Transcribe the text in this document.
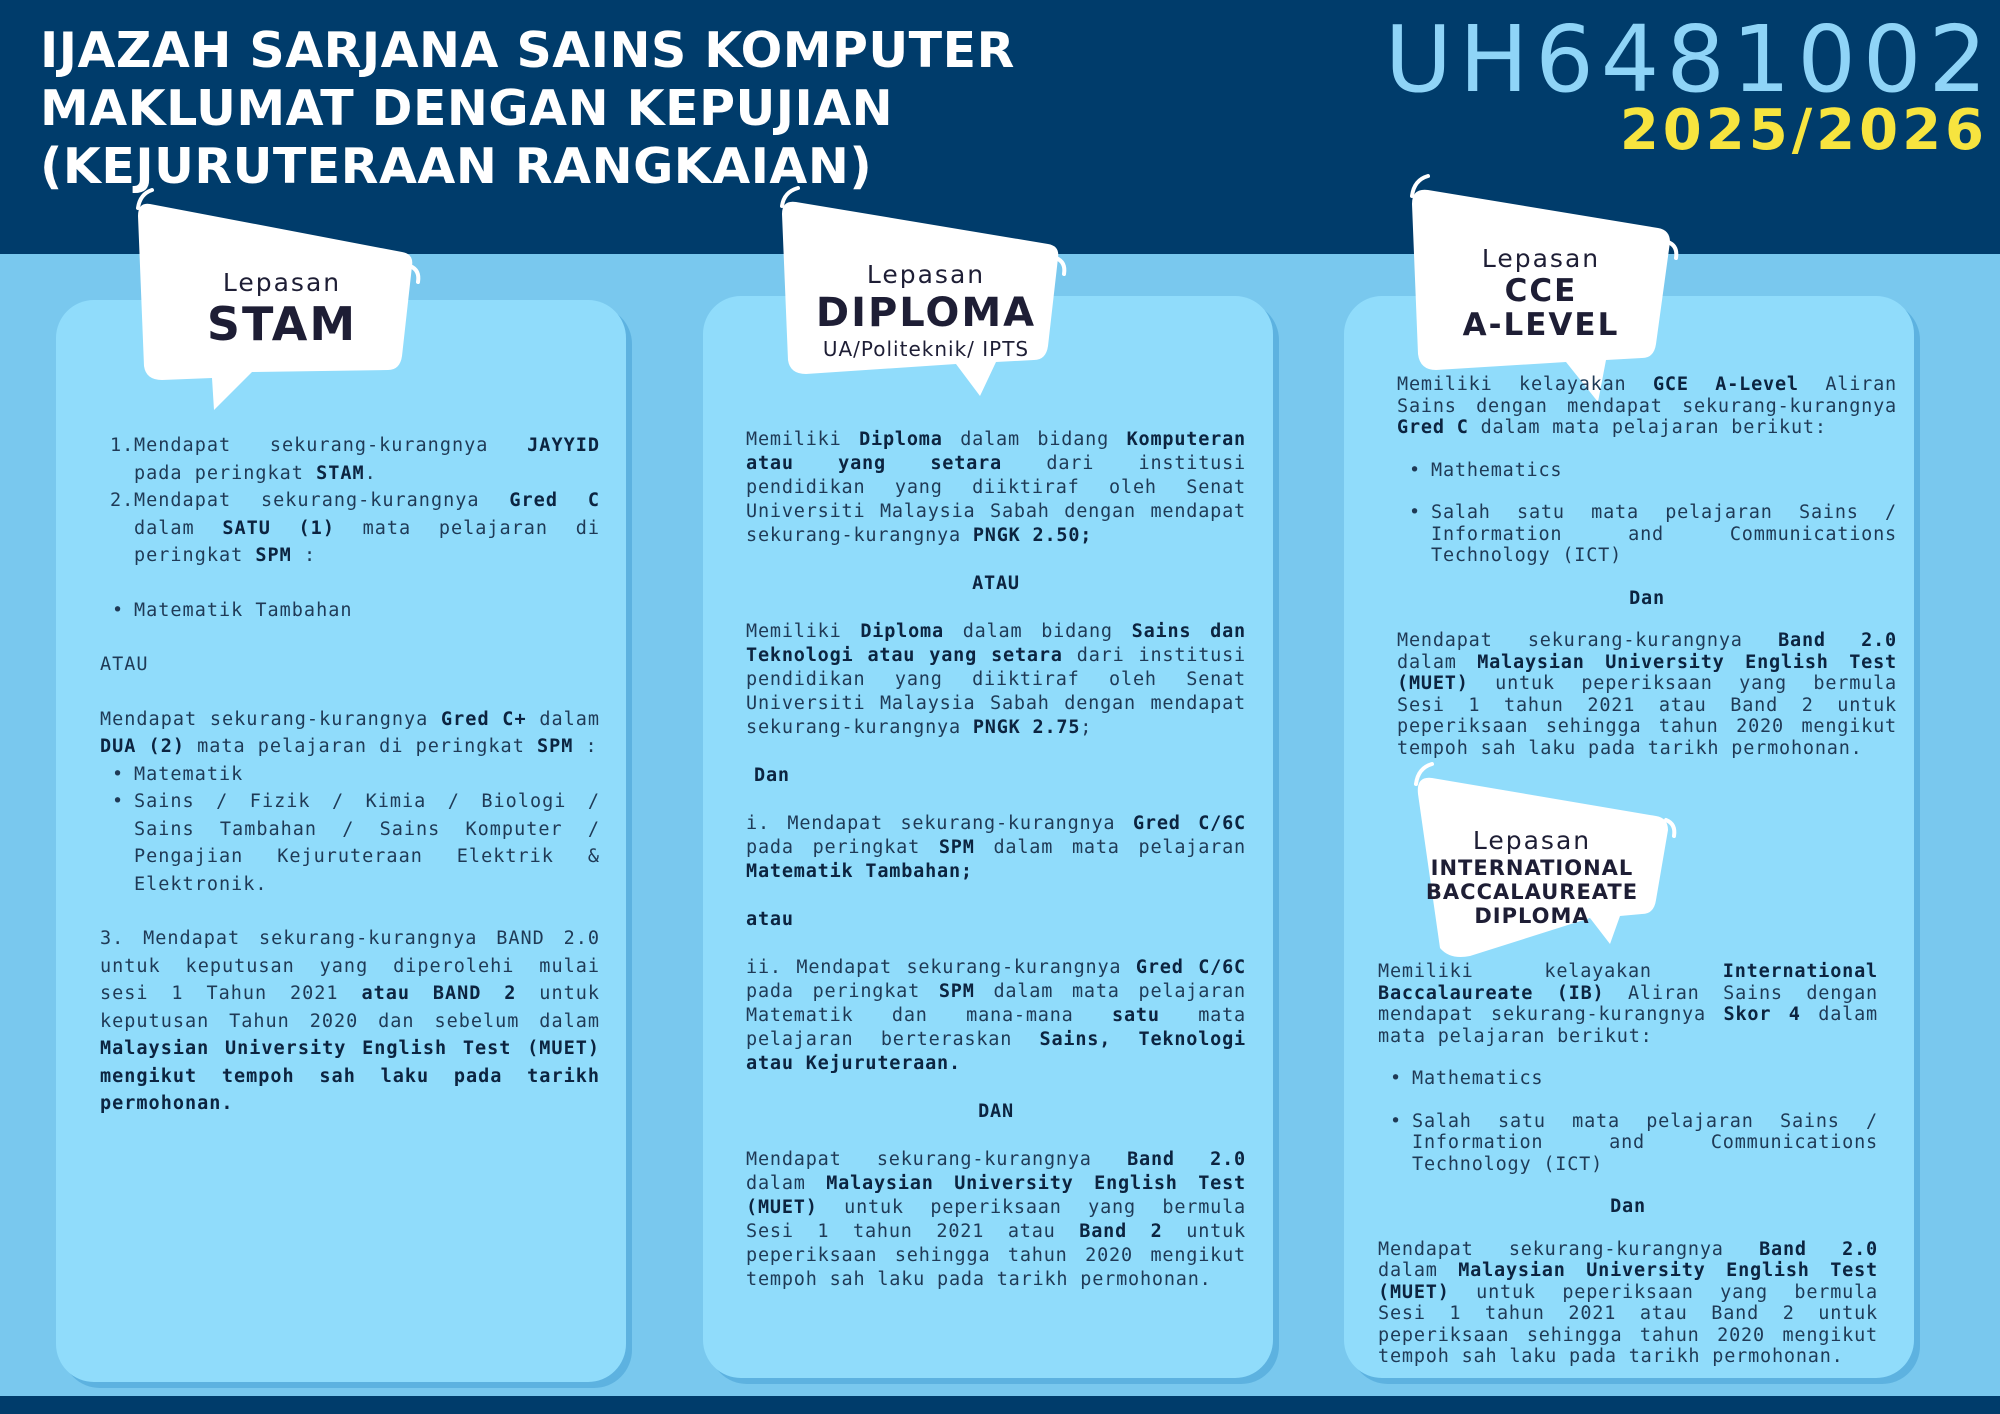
IJAZAH SARJANA SAINS KOMPUTER
MAKLUMAT DENGAN KEPUJIAN
(KEJURUTERAAN RANGKAIAN)
UH6481002
2025/2026
Lepasan
STAM
Lepasan
DIPLOMA
UA/Politeknik/ IPTS
Lepasan
CCE
A-LEVEL
Lepasan
INTERNATIONAL
BACCALAUREATE
DIPLOMA

1. Mendapat sekurang-kurangnya JAYYID pada peringkat STAM.

2. Mendapat sekurang-kurangnya Gred C dalam SATU (1) mata pelajaran di peringkat SPM :

• Matematik Tambahan

ATAU

Mendapat sekurang-kurangnya Gred C+ dalam DUA (2) mata pelajaran di peringkat SPM :

• Matematik

• Sains / Fizik / Kimia / Biologi / Sains Tambahan / Sains Komputer / Pengajian Kejuruteraan Elektrik & Elektronik.

3. Mendapat sekurang-kurangnya BAND 2.0 untuk keputusan yang diperolehi mulai sesi 1 Tahun 2021 atau BAND 2 untuk keputusan Tahun 2020 dan sebelum dalam Malaysian University English Test (MUET) mengikut tempoh sah laku pada tarikh permohonan.

Memiliki Diploma dalam bidang Komputeran atau yang setara dari institusi pendidikan yang diiktiraf oleh Senat Universiti Malaysia Sabah dengan mendapat sekurang-kurangnya PNGK 2.50;

ATAU

Memiliki Diploma dalam bidang Sains dan Teknologi atau yang setara dari institusi pendidikan yang diiktiraf oleh Senat Universiti Malaysia Sabah dengan mendapat sekurang-kurangnya PNGK 2.75;

Dan

i. Mendapat sekurang-kurangnya Gred C/6C pada peringkat SPM dalam mata pelajaran Matematik Tambahan;

atau

ii. Mendapat sekurang-kurangnya Gred C/6C pada peringkat SPM dalam mata pelajaran Matematik dan mana-mana satu mata pelajaran berteraskan Sains, Teknologi atau Kejuruteraan.

DAN

Mendapat sekurang-kurangnya Band 2.0 dalam Malaysian University English Test (MUET) untuk peperiksaan yang bermula Sesi 1 tahun 2021 atau Band 2 untuk peperiksaan sehingga tahun 2020 mengikut tempoh sah laku pada tarikh permohonan.

Memiliki kelayakan GCE A-Level Aliran Sains dengan mendapat sekurang-kurangnya Gred C dalam mata pelajaran berikut:

• Mathematics

• Salah satu mata pelajaran Sains / Information and Communications Technology (ICT)

Dan

Mendapat sekurang-kurangnya Band 2.0 dalam Malaysian University English Test (MUET) untuk peperiksaan yang bermula Sesi 1 tahun 2021 atau Band 2 untuk peperiksaan sehingga tahun 2020 mengikut tempoh sah laku pada tarikh permohonan.

Memiliki kelayakan International Baccalaureate (IB) Aliran Sains dengan mendapat sekurang-kurangnya Skor 4 dalam mata pelajaran berikut:

• Mathematics

• Salah satu mata pelajaran Sains / Information and Communications Technology (ICT)

Dan

Mendapat sekurang-kurangnya Band 2.0 dalam Malaysian University English Test (MUET) untuk peperiksaan yang bermula Sesi 1 tahun 2021 atau Band 2 untuk peperiksaan sehingga tahun 2020 mengikut tempoh sah laku pada tarikh permohonan.
